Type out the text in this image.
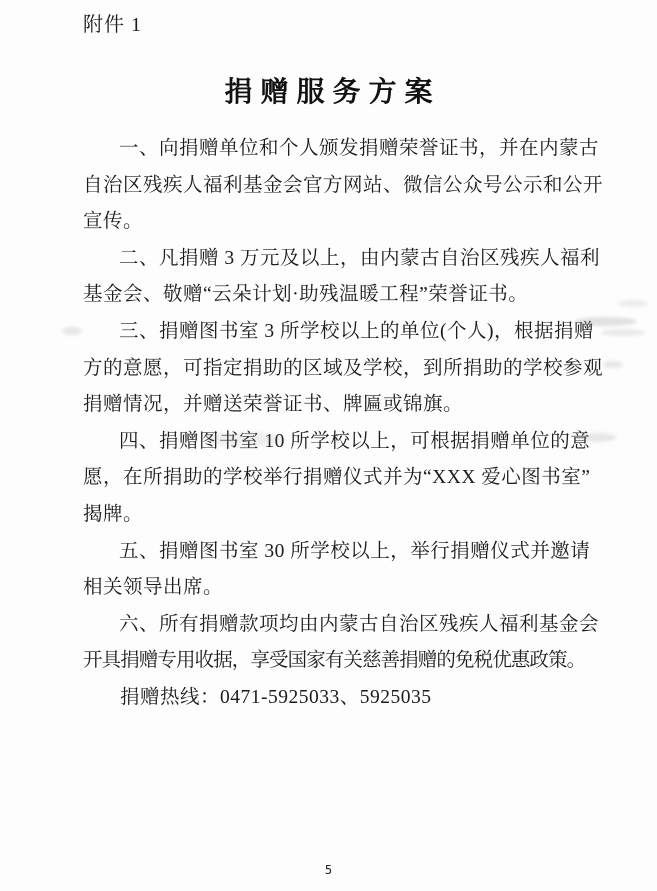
附件 1
捐赠服务方案
一、向捐赠单位和个人颁发捐赠荣誉证书，并在内蒙古
自治区残疾人福利基金会官方网站、微信公众号公示和公开
宣传。
二、凡捐赠 3 万元及以上，由内蒙古自治区残疾人福利
基金会、敬赠“云朵计划·助残温暖工程”荣誉证书。
三、捐赠图书室 3 所学校以上的单位(个人)，根据捐赠
方的意愿，可指定捐助的区域及学校，到所捐助的学校参观
捐赠情况，并赠送荣誉证书、牌匾或锦旗。
四、捐赠图书室 10 所学校以上，可根据捐赠单位的意
愿，在所捐助的学校举行捐赠仪式并为“XXX 爱心图书室”
揭牌。
五、捐赠图书室 30 所学校以上，举行捐赠仪式并邀请
相关领导出席。
六、所有捐赠款项均由内蒙古自治区残疾人福利基金会
开具捐赠专用收据，享受国家有关慈善捐赠的免税优惠政策。
捐赠热线：0471-5925033、5925035
5
